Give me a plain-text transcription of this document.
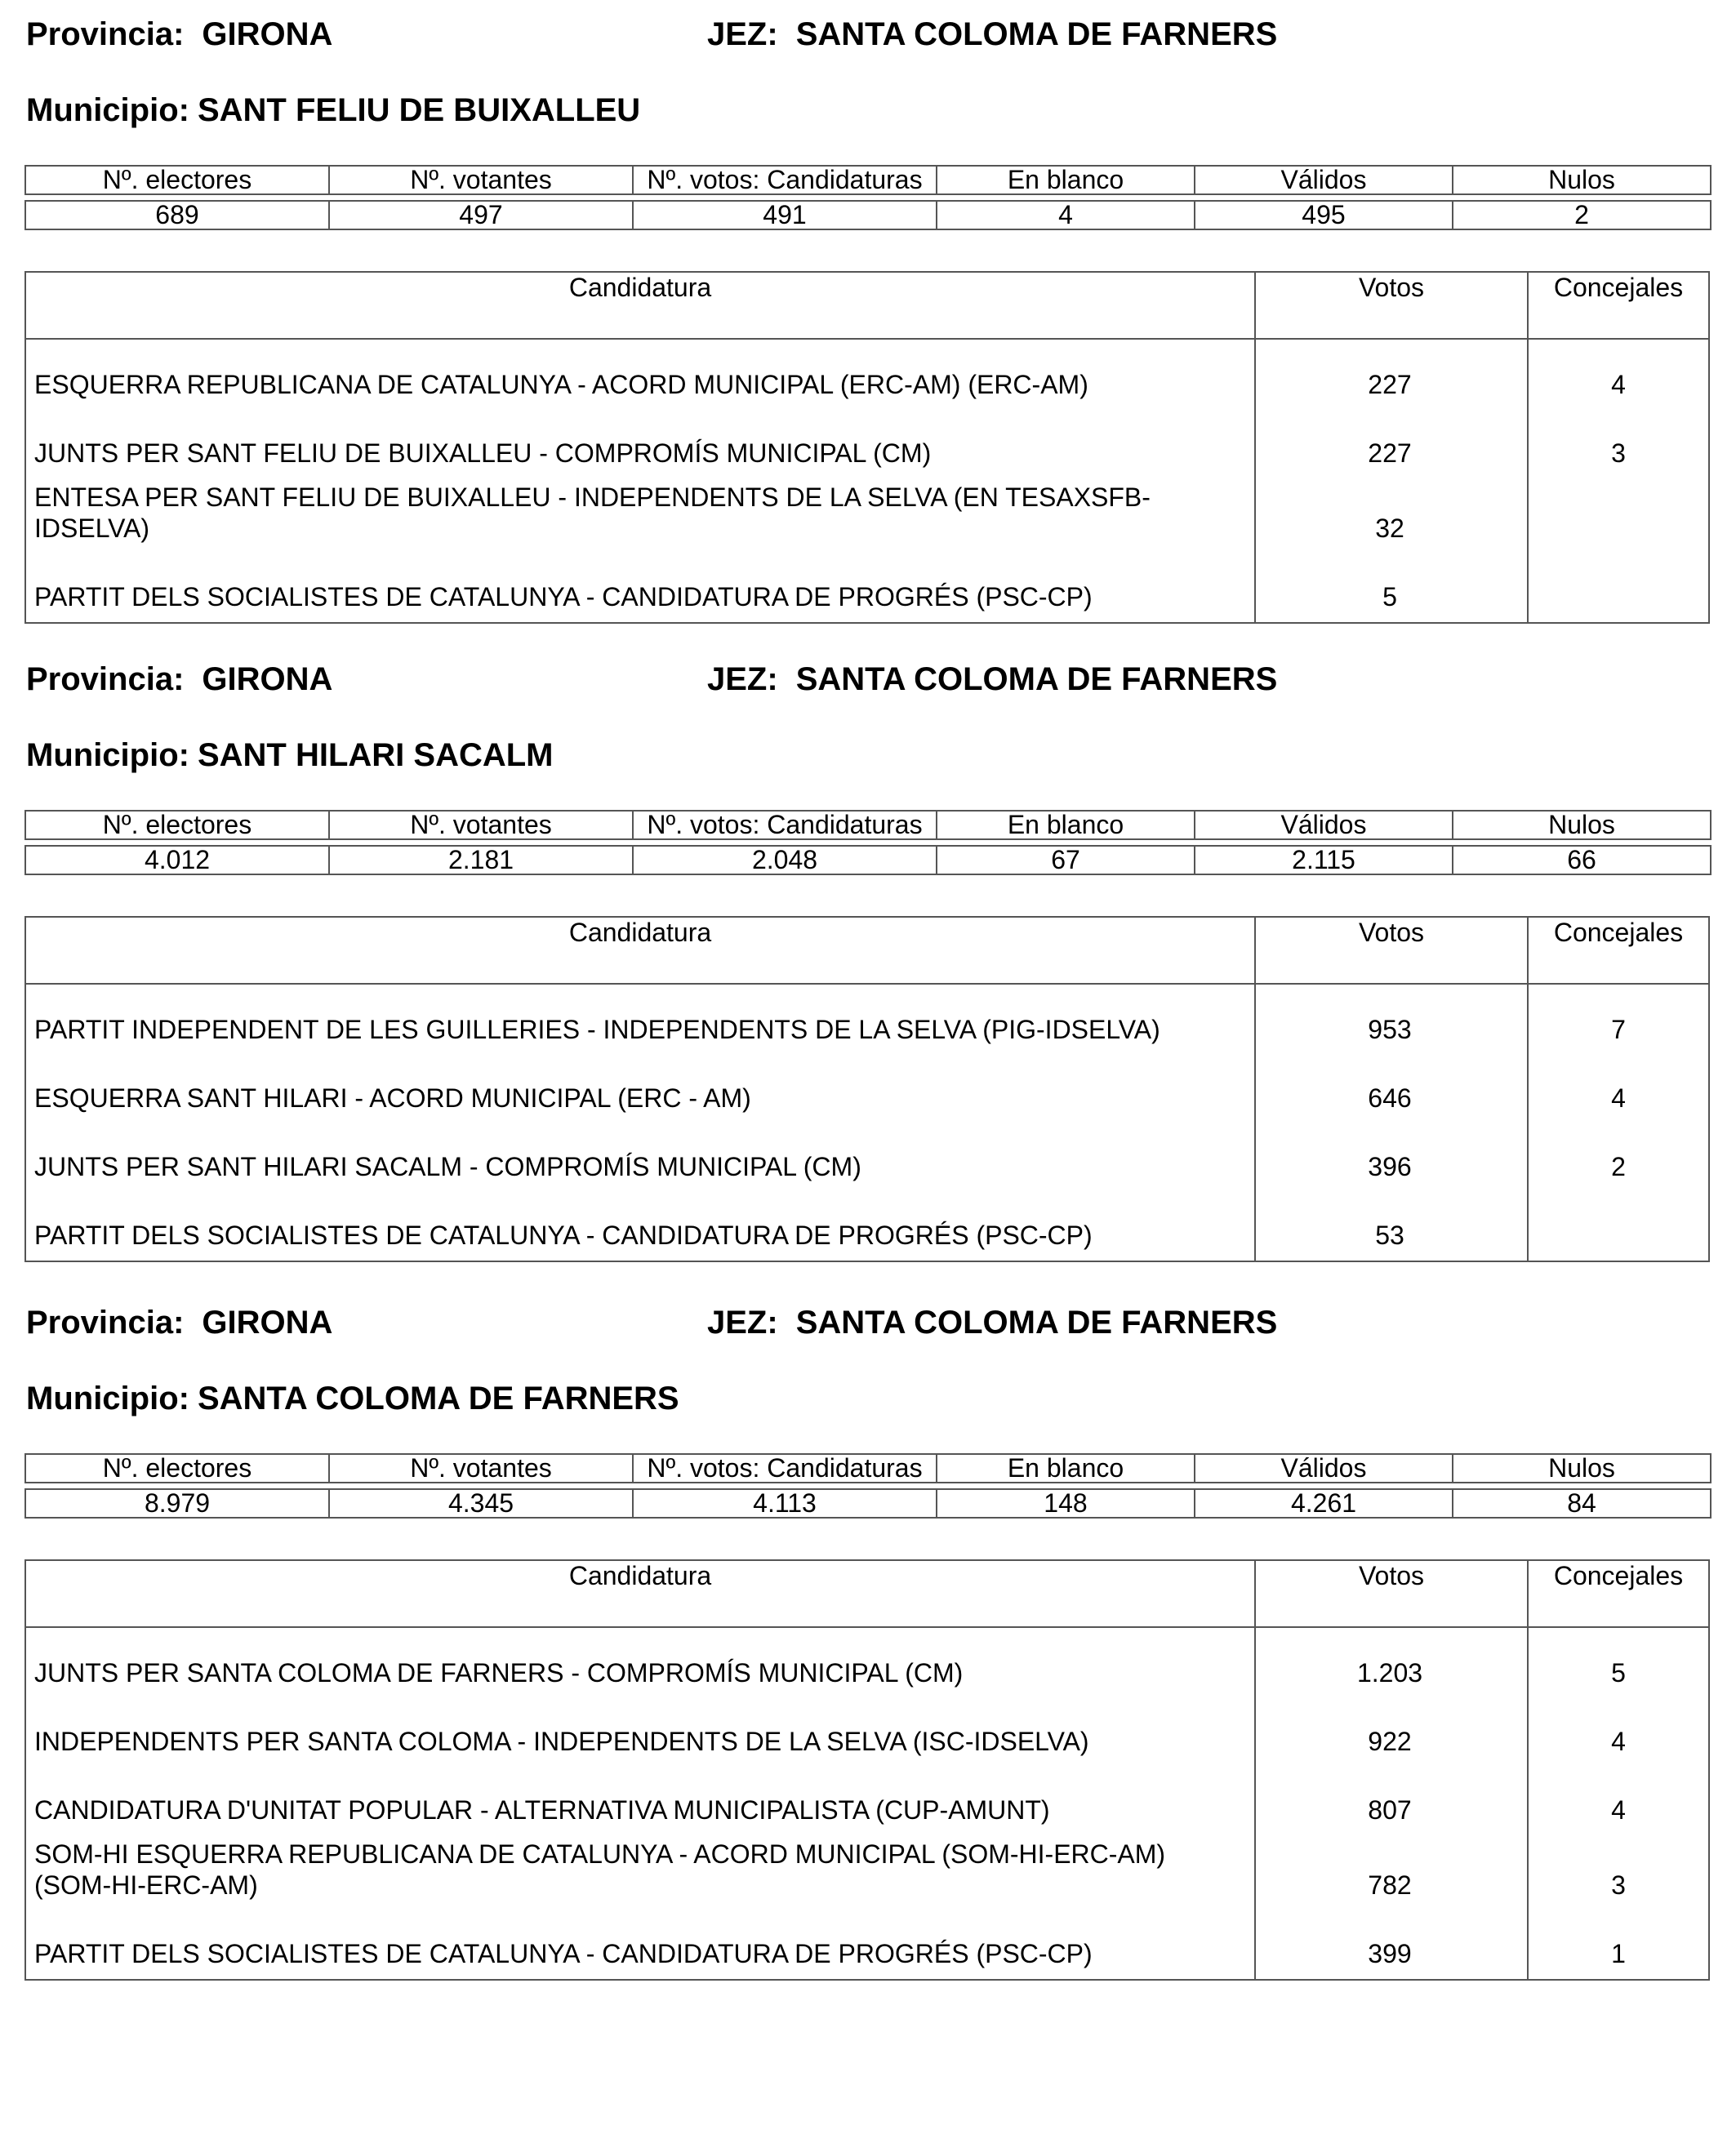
Provincia: GIRONA	JEZ: SANTA COLOMA DE FARNERS
Municipio: SANT FELIU DE BUIXALLEU
Nº. electores	Nº. votantes	Nº. votos: Candidaturas	En blanco	Válidos	Nulos

689	497	491	4	495	2
Candidatura	Votos	Concejales
ESQUERRA REPUBLICANA DE CATALUNYA - ACORD MUNICIPAL (ERC-AM) (ERC-AM)	227	4
JUNTS PER SANT FELIU DE BUIXALLEU - COMPROMÍS MUNICIPAL (CM)	227	3
ENTESA PER SANT FELIU DE BUIXALLEU - INDEPENDENTS DE LA SELVA (EN TESAXSFB-IDSELVA)	32
PARTIT DELS SOCIALISTES DE CATALUNYA - CANDIDATURA DE PROGRÉS (PSC-CP)	5
Provincia: GIRONA	JEZ: SANTA COLOMA DE FARNERS
Municipio: SANT HILARI SACALM
Nº. electores	Nº. votantes	Nº. votos: Candidaturas	En blanco	Válidos	Nulos

4.012	2.181	2.048	67	2.115	66
Candidatura	Votos	Concejales
PARTIT INDEPENDENT DE LES GUILLERIES - INDEPENDENTS DE LA SELVA (PIG-IDSELVA)	953	7
ESQUERRA SANT HILARI - ACORD MUNICIPAL (ERC - AM)	646	4
JUNTS PER SANT HILARI SACALM - COMPROMÍS MUNICIPAL (CM)	396	2
PARTIT DELS SOCIALISTES DE CATALUNYA - CANDIDATURA DE PROGRÉS (PSC-CP)	53
Provincia: GIRONA	JEZ: SANTA COLOMA DE FARNERS
Municipio: SANTA COLOMA DE FARNERS
Nº. electores	Nº. votantes	Nº. votos: Candidaturas	En blanco	Válidos	Nulos

8.979	4.345	4.113	148	4.261	84
Candidatura	Votos	Concejales
JUNTS PER SANTA COLOMA DE FARNERS - COMPROMÍS MUNICIPAL (CM)	1.203	5
INDEPENDENTS PER SANTA COLOMA - INDEPENDENTS DE LA SELVA (ISC-IDSELVA)	922	4
CANDIDATURA D'UNITAT POPULAR - ALTERNATIVA MUNICIPALISTA (CUP-AMUNT)	807	4
SOM-HI ESQUERRA REPUBLICANA DE CATALUNYA - ACORD MUNICIPAL (SOM-HI-ERC-AM) (SOM-HI-ERC-AM)	782	3
PARTIT DELS SOCIALISTES DE CATALUNYA - CANDIDATURA DE PROGRÉS (PSC-CP)	399	1
